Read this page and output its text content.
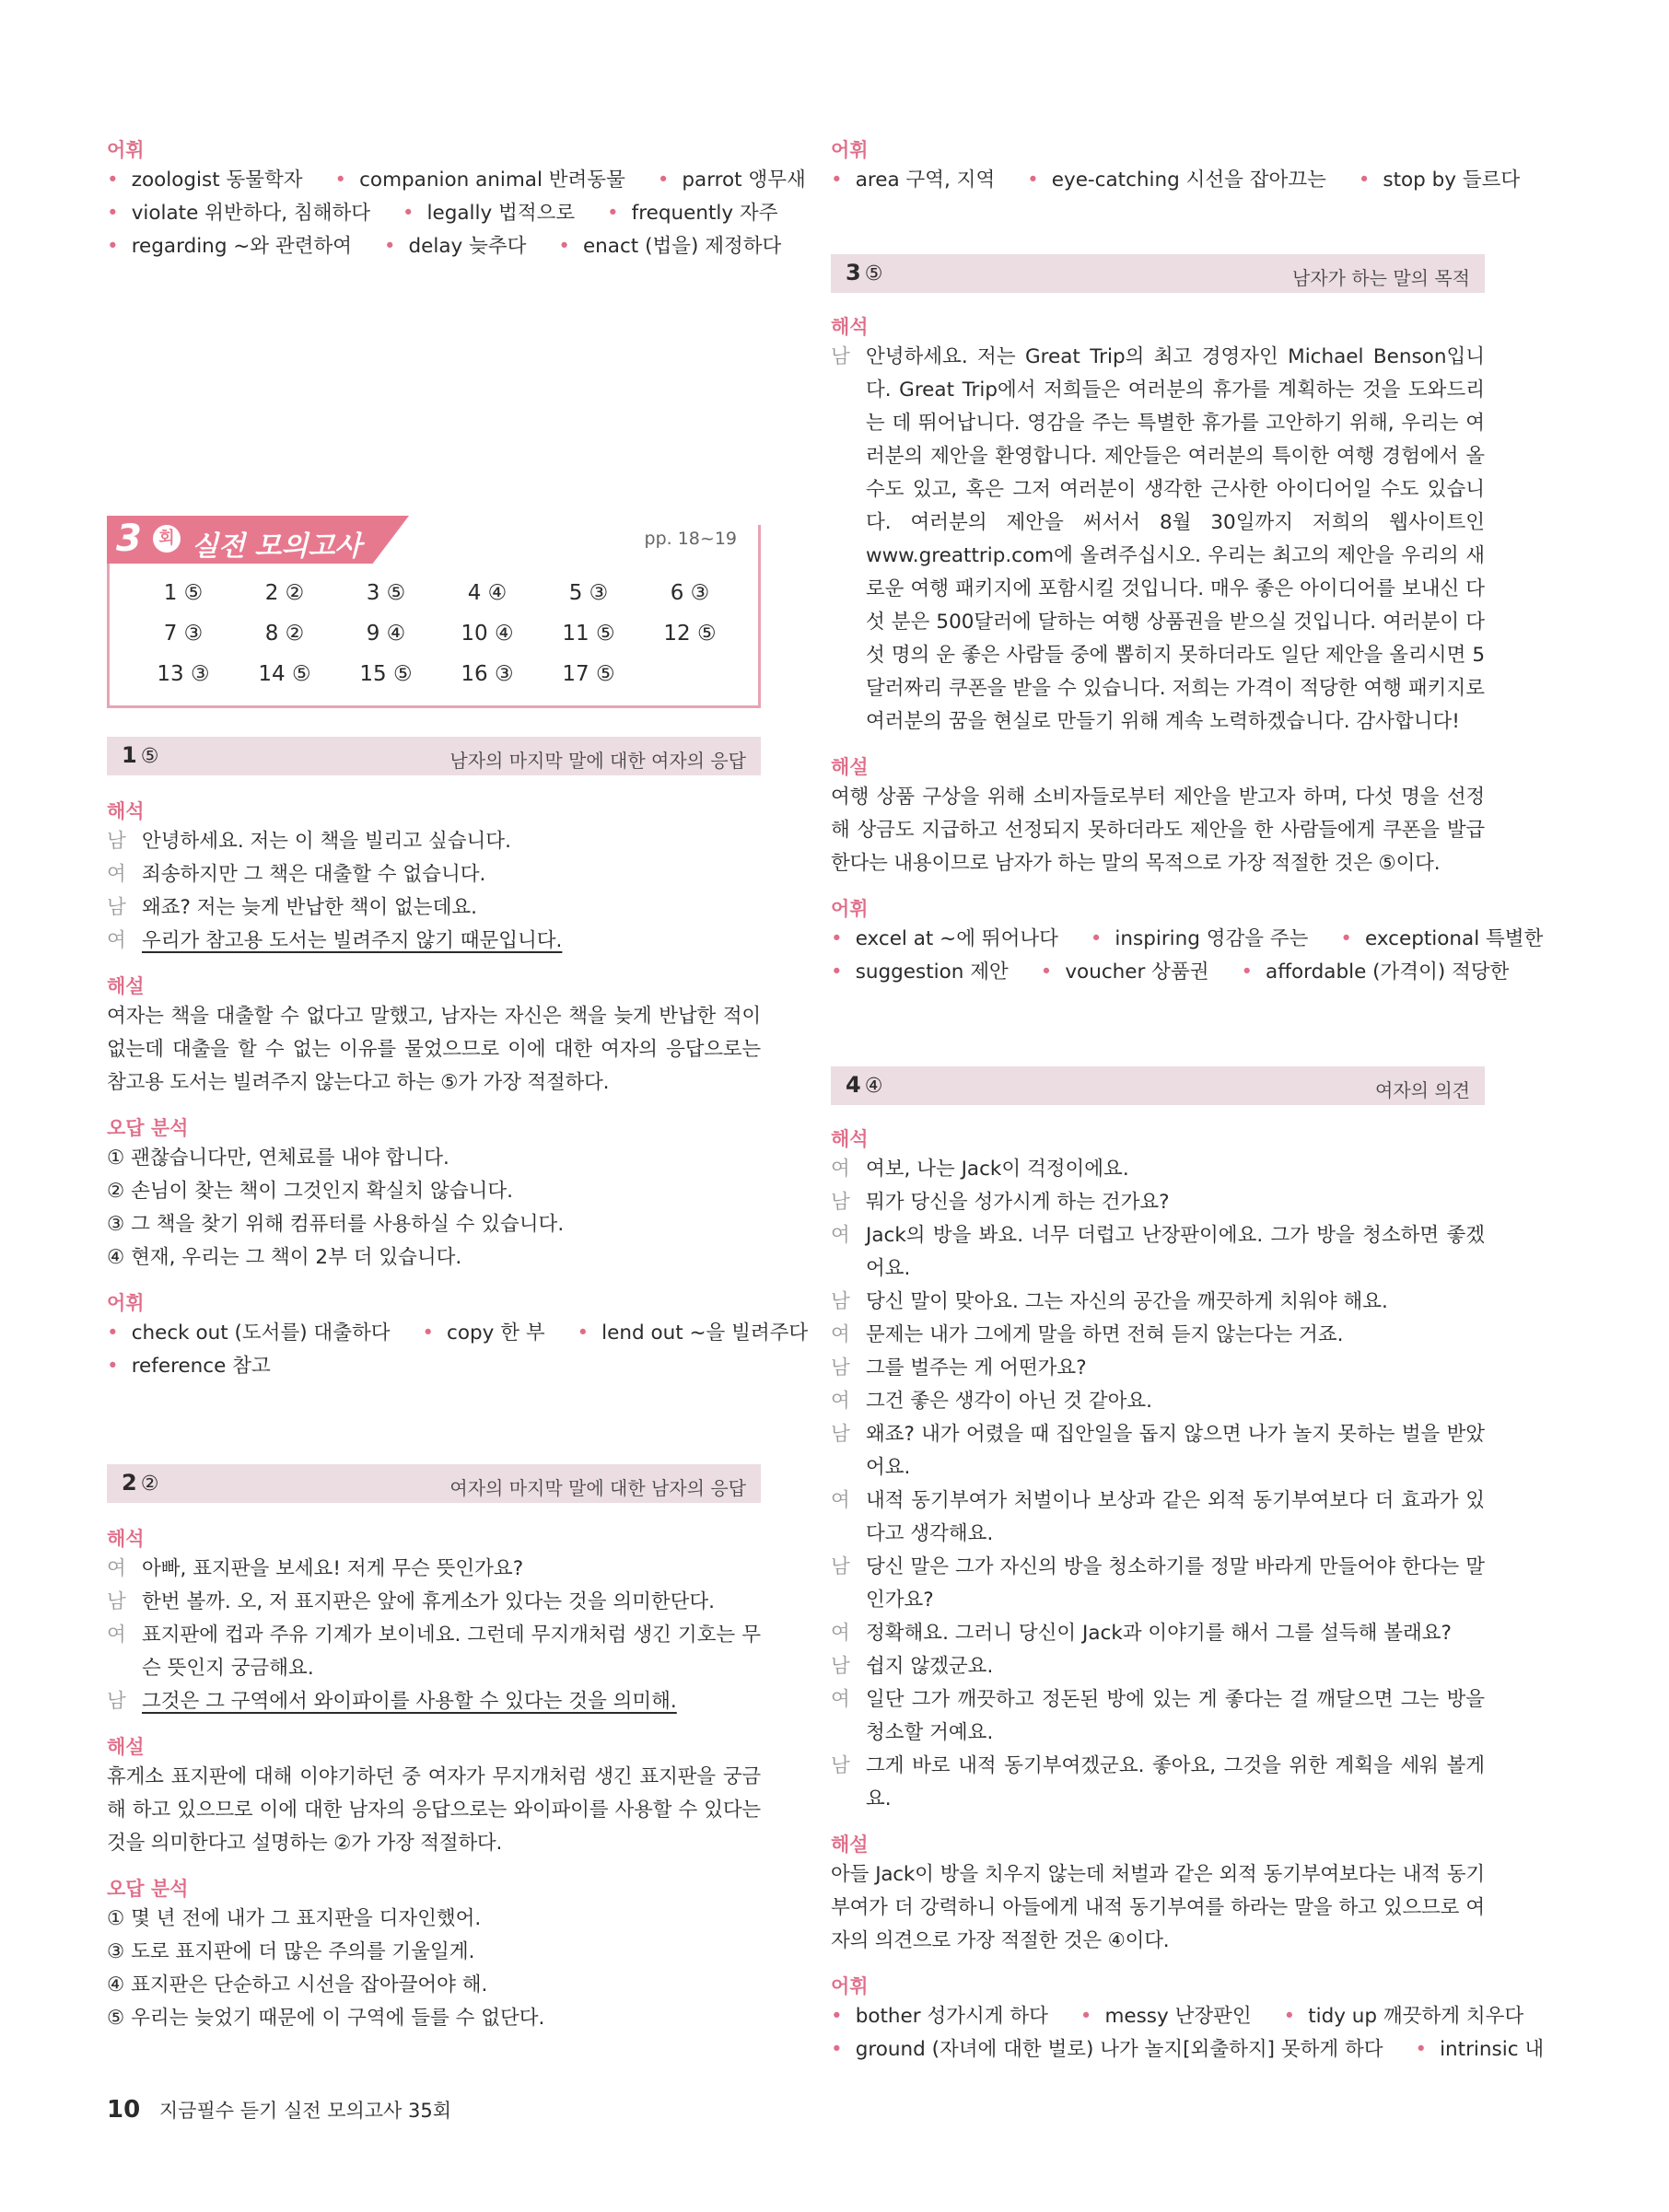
어휘
• zoologist 동물학자 • companion animal 반려동물 • parrot 앵무새
• violate 위반하다, 침해하다 • legally 법적으로 • frequently 자주
• regarding ~와 관련하여 • delay 늦추다 • enact (법을) 제정하다
3	회 실전 모의고사	pp. 18~19
1 ⑤	2 ②	3 ⑤	4 ④	5 ③	6 ③
7 ③	8 ②	9 ④	10 ④	11 ⑤	12 ⑤
13 ③	14 ⑤	15 ⑤	16 ③	17 ⑤
1 ⑤	남자의 마지막 말에 대한 여자의 응답
해석
남 안녕하세요. 저는 이 책을 빌리고 싶습니다.
여 죄송하지만 그 책은 대출할 수 없습니다.
남 왜죠? 저는 늦게 반납한 책이 없는데요.
여 우리가 참고용 도서는 빌려주지 않기 때문입니다.
해설
여자는 책을 대출할 수 없다고 말했고, 남자는 자신은 책을 늦게 반납한 적이 없는데 대출을 할 수 없는 이유를 물었으므로 이에 대한 여자의 응답으로는 참고용 도서는 빌려주지 않는다고 하는 ⑤가 가장 적절하다.
오답 분석
① 괜찮습니다만, 연체료를 내야 합니다.
② 손님이 찾는 책이 그것인지 확실치 않습니다.
③ 그 책을 찾기 위해 컴퓨터를 사용하실 수 있습니다.
④ 현재, 우리는 그 책이 2부 더 있습니다.
어휘
• check out (도서를) 대출하다 • copy 한 부 • lend out ~을 빌려주다
• reference 참고
2 ②	여자의 마지막 말에 대한 남자의 응답
해석
여 아빠, 표지판을 보세요! 저게 무슨 뜻인가요?
남 한번 볼까. 오, 저 표지판은 앞에 휴게소가 있다는 것을 의미한단다.
여 표지판에 컵과 주유 기계가 보이네요. 그런데 무지개처럼 생긴 기호는 무슨 뜻인지 궁금해요.
남 그것은 그 구역에서 와이파이를 사용할 수 있다는 것을 의미해.
해설
휴게소 표지판에 대해 이야기하던 중 여자가 무지개처럼 생긴 표지판을 궁금해 하고 있으므로 이에 대한 남자의 응답으로는 와이파이를 사용할 수 있다는 것을 의미한다고 설명하는 ②가 가장 적절하다.
오답 분석
① 몇 년 전에 내가 그 표지판을 디자인했어.
③ 도로 표지판에 더 많은 주의를 기울일게.
④ 표지판은 단순하고 시선을 잡아끌어야 해.
⑤ 우리는 늦었기 때문에 이 구역에 들를 수 없단다.
어휘
• area 구역, 지역 • eye-catching 시선을 잡아끄는 • stop by 들르다
3 ⑤	남자가 하는 말의 목적
해석
남 안녕하세요. 저는 Great Trip의 최고 경영자인 Michael Benson입니다. Great Trip에서 저희들은 여러분의 휴가를 계획하는 것을 도와드리는 데 뛰어납니다. 영감을 주는 특별한 휴가를 고안하기 위해, 우리는 여러분의 제안을 환영합니다. 제안들은 여러분의 특이한 여행 경험에서 올 수도 있고, 혹은 그저 여러분이 생각한 근사한 아이디어일 수도 있습니다. 여러분의 제안을 써서서 8월 30일까지 저희의 웹사이트인 www.greattrip.com에 올려주십시오. 우리는 최고의 제안을 우리의 새로운 여행 패키지에 포함시킬 것입니다. 매우 좋은 아이디어를 보내신 다섯 분은 500달러에 달하는 여행 상품권을 받으실 것입니다. 여러분이 다섯 명의 운 좋은 사람들 중에 뽑히지 못하더라도 일단 제안을 올리시면 5달러짜리 쿠폰을 받을 수 있습니다. 저희는 가격이 적당한 여행 패키지로 여러분의 꿈을 현실로 만들기 위해 계속 노력하겠습니다. 감사합니다!
해설
여행 상품 구상을 위해 소비자들로부터 제안을 받고자 하며, 다섯 명을 선정해 상금도 지급하고 선정되지 못하더라도 제안을 한 사람들에게 쿠폰을 발급한다는 내용이므로 남자가 하는 말의 목적으로 가장 적절한 것은 ⑤이다.
어휘
• excel at ~에 뛰어나다 • inspiring 영감을 주는 • exceptional 특별한
• suggestion 제안 • voucher 상품권 • affordable (가격이) 적당한
4 ④	여자의 의견
해석
여 여보, 나는 Jack이 걱정이에요.
남 뭐가 당신을 성가시게 하는 건가요?
여 Jack의 방을 봐요. 너무 더럽고 난장판이에요. 그가 방을 청소하면 좋겠어요.
남 당신 말이 맞아요. 그는 자신의 공간을 깨끗하게 치워야 해요.
여 문제는 내가 그에게 말을 하면 전혀 듣지 않는다는 거죠.
남 그를 벌주는 게 어떤가요?
여 그건 좋은 생각이 아닌 것 같아요.
남 왜죠? 내가 어렸을 때 집안일을 돕지 않으면 나가 놀지 못하는 벌을 받았어요.
여 내적 동기부여가 처벌이나 보상과 같은 외적 동기부여보다 더 효과가 있다고 생각해요.
남 당신 말은 그가 자신의 방을 청소하기를 정말 바라게 만들어야 한다는 말인가요?
여 정확해요. 그러니 당신이 Jack과 이야기를 해서 그를 설득해 볼래요?
남 쉽지 않겠군요.
여 일단 그가 깨끗하고 정돈된 방에 있는 게 좋다는 걸 깨달으면 그는 방을 청소할 거예요.
남 그게 바로 내적 동기부여겠군요. 좋아요, 그것을 위한 계획을 세워 볼게요.
해설
아들 Jack이 방을 치우지 않는데 처벌과 같은 외적 동기부여보다는 내적 동기부여가 더 강력하니 아들에게 내적 동기부여를 하라는 말을 하고 있으므로 여자의 의견으로 가장 적절한 것은 ④이다.
어휘
• bother 성가시게 하다 • messy 난장판인 • tidy up 깨끗하게 치우다
• ground (자녀에 대한 벌로) 나가 놀지[외출하지] 못하게 하다 • intrinsic 내
10 지금필수 듣기 실전 모의고사 35회
